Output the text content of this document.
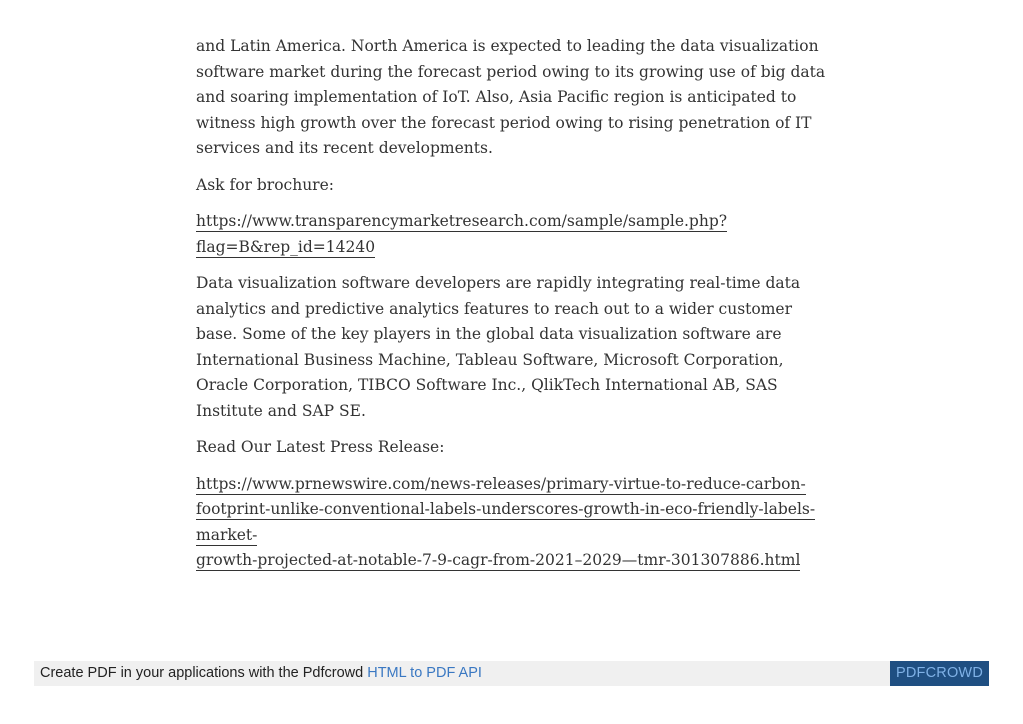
and Latin America. North America is expected to leading the data visualization software market during the forecast period owing to its growing use of big data and soaring implementation of IoT. Also, Asia Pacific region is anticipated to witness high growth over the forecast period owing to rising penetration of IT services and its recent developments.

Ask for brochure:

https://www.transparencymarketresearch.com/sample/sample.php?
flag=B&rep_id=14240

Data visualization software developers are rapidly integrating real-time data analytics and predictive analytics features to reach out to a wider customer base. Some of the key players in the global data visualization software are International Business Machine, Tableau Software, Microsoft Corporation, Oracle Corporation, TIBCO Software Inc., QlikTech International AB, SAS Institute and SAP SE.

Read Our Latest Press Release:

https://www.prnewswire.com/news-releases/primary-virtue-to-reduce-carbon-
footprint-unlike-conventional-labels-underscores-growth-in-eco-friendly-labels-market-
growth-projected-at-notable-7-9-cagr-from-2021–2029—tmr-301307886.html
Create PDF in your applications with the Pdfcrowd HTML to PDF API	PDFCROWD
